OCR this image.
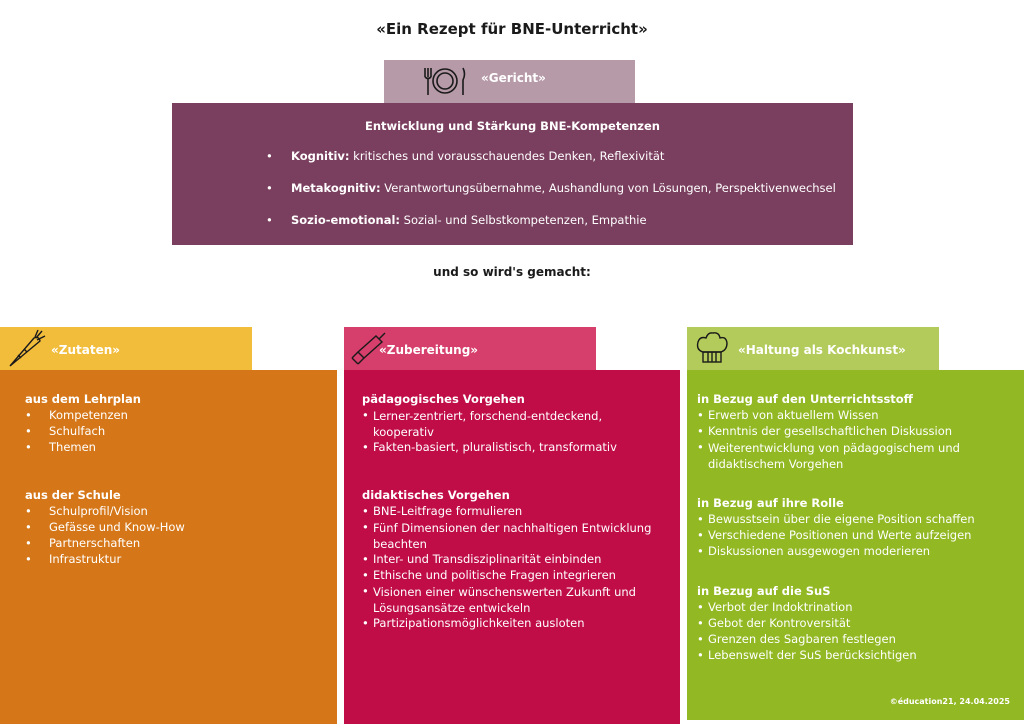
«Ein Rezept für BNE-Unterricht»
«Gericht»
Entwicklung und Stärkung BNE-Kompetenzen
• Kognitiv: kritisches und vorausschauendes Denken, Reflexivität
• Metakognitiv: Verantwortungsübernahme, Aushandlung von Lösungen, Perspektivenwechsel
• Sozio-emotional: Sozial- und Selbstkompetenzen, Empathie
und so wird's gemacht:
«Zutaten»
aus dem Lehrplan
• Kompetenzen
• Schulfach
• Themen
aus der Schule
• Schulprofil/Vision
• Gefässe und Know-How
• Partnerschaften
• Infrastruktur
«Zubereitung»
pädagogisches Vorgehen
• Lerner-zentriert, forschend-entdeckend,
kooperativ
• Fakten-basiert, pluralistisch, transformativ
didaktisches Vorgehen
• BNE-Leitfrage formulieren
• Fünf Dimensionen der nachhaltigen Entwicklung
beachten
• Inter- und Transdisziplinarität einbinden
• Ethische und politische Fragen integrieren
• Visionen einer wünschenswerten Zukunft und
Lösungsansätze entwickeln
• Partizipationsmöglichkeiten ausloten
«Haltung als Kochkunst»
in Bezug auf den Unterrichtsstoff
• Erwerb von aktuellem Wissen
• Kenntnis der gesellschaftlichen Diskussion
• Weiterentwicklung von pädagogischem und
didaktischem Vorgehen
in Bezug auf ihre Rolle
• Bewusstsein über die eigene Position schaffen
• Verschiedene Positionen und Werte aufzeigen
• Diskussionen ausgewogen moderieren
in Bezug auf die SuS
• Verbot der Indoktrination
• Gebot der Kontroversität
• Grenzen des Sagbaren festlegen
• Lebenswelt der SuS berücksichtigen
©éducation21, 24.04.2025
